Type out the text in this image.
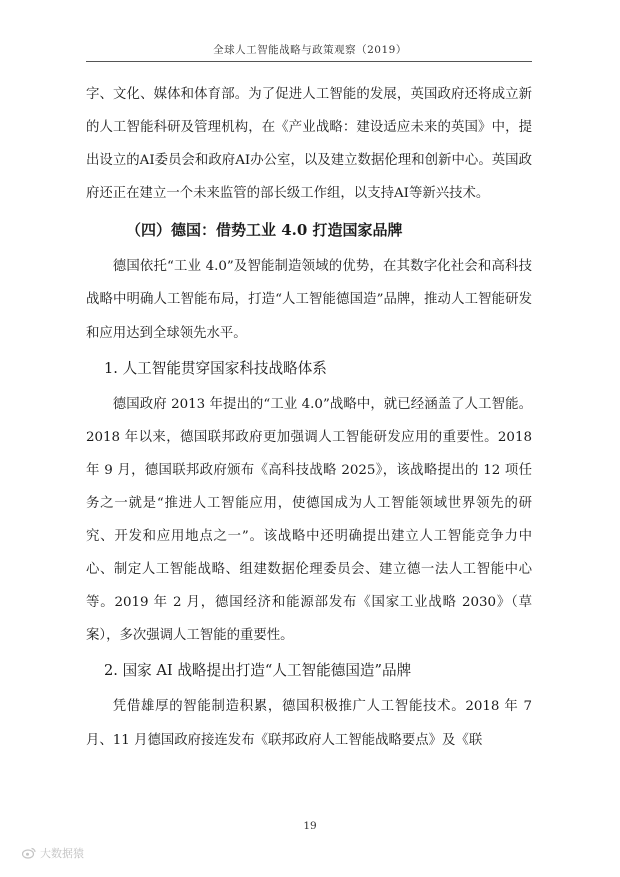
全球人工智能战略与政策观察（2019）

字、文化、媒体和体育部。为了促进人工智能的发展，英国政府还将成立新的人工智能科研及管理机构，在《产业战略：建设适应未来的英国》中，提出设立的AI委员会和政府AI办公室，以及建立数据伦理和创新中心。英国政府还正在建立一个未来监管的部长级工作组，以支持AI等新兴技术。

（四）德国：借势工业 4.0 打造国家品牌

德国依托“工业 4.0”及智能制造领域的优势，在其数字化社会和高科技战略中明确人工智能布局，打造“人工智能德国造”品牌，推动人工智能研发和应用达到全球领先水平。

1. 人工智能贯穿国家科技战略体系

德国政府 2013 年提出的“工业 4.0”战略中，就已经涵盖了人工智能。2018 年以来，德国联邦政府更加强调人工智能研发应用的重要性。2018 年 9 月，德国联邦政府颁布《高科技战略 2025》，该战略提出的 12 项任务之一就是“推进人工智能应用，使德国成为人工智能领域世界领先的研究、开发和应用地点之一”。该战略中还明确提出建立人工智能竞争力中心、制定人工智能战略、组建数据伦理委员会、建立德一法人工智能中心等。2019 年 2 月，德国经济和能源部发布《国家工业战略 2030》（草案），多次强调人工智能的重要性。

2. 国家 AI 战略提出打造“人工智能德国造”品牌

凭借雄厚的智能制造积累，德国积极推广人工智能技术。2018 年 7 月、11 月德国政府接连发布《联邦政府人工智能战略要点》及《联

19
大数据猿
